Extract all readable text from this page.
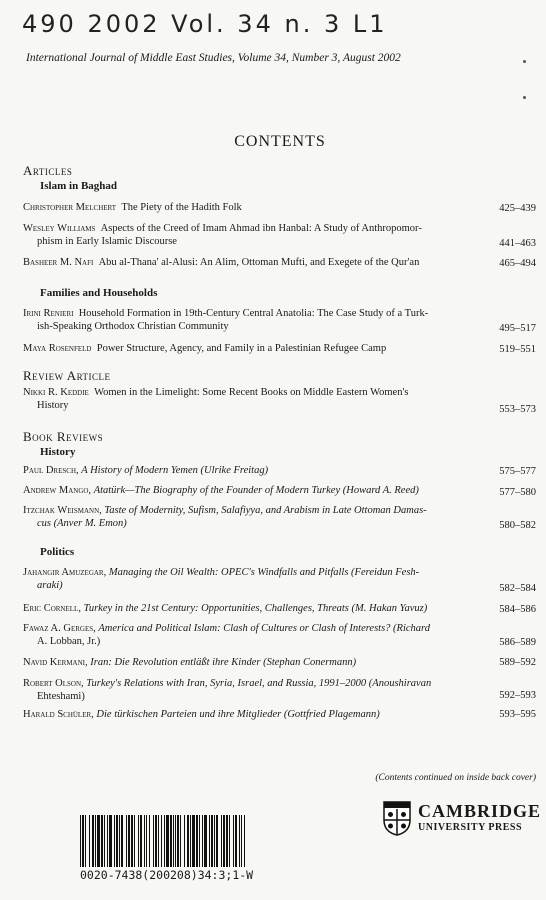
490 2002 Vol. 34 n. 3 L1
International Journal of Middle East Studies, Volume 34, Number 3, August 2002
CONTENTS
Articles
Islam in Baghad
Christopher Melchert The Piety of the Hadith Folk	425–439
Wesley Williams Aspects of the Creed of Imam Ahmad ibn Hanbal: A Study of Anthropomor-
phism in Early Islamic Discourse	441–463
Basheer M. Nafi Abu al-Thana' al-Alusi: An Alim, Ottoman Mufti, and Exegete of the Qur'an	465–494
Families and Households
Irini Renieri Household Formation in 19th-Century Central Anatolia: The Case Study of a Turk-
ish-Speaking Orthodox Christian Community	495–517
Maya Rosenfeld Power Structure, Agency, and Family in a Palestinian Refugee Camp	519–551
Review Article
Nikki R. Keddie Women in the Limelight: Some Recent Books on Middle Eastern Women's
History	553–573
Book Reviews
History
Paul Dresch, A History of Modern Yemen (Ulrike Freitag)	575–577
Andrew Mango, Atatürk—The Biography of the Founder of Modern Turkey (Howard A. Reed)	577–580
Itzchak Weismann, Taste of Modernity, Sufism, Salafiyya, and Arabism in Late Ottoman Damas-
cus (Anver M. Emon)	580–582
Politics
Jahangir Amuzegar, Managing the Oil Wealth: OPEC's Windfalls and Pitfalls (Fereidun Fesh-
araki)	582–584
Eric Cornell, Turkey in the 21st Century: Opportunities, Challenges, Threats (M. Hakan Yavuz)	584–586
Fawaz A. Gerges, America and Political Islam: Clash of Cultures or Clash of Interests? (Richard
A. Lobban, Jr.)	586–589
Navid Kermani, Iran: Die Revolution entläßt ihre Kinder (Stephan Conermann)	589–592
Robert Olson, Turkey's Relations with Iran, Syria, Israel, and Russia, 1991–2000 (Anoushiravan
Ehteshami)	592–593
Harald Schüler, Die türkischen Parteien und ihre Mitglieder (Gottfried Plagemann)	593–595
(Contents continued on inside back cover)
0020-7438(200208)34:3;1-W
CAMBRIDGE
UNIVERSITY PRESS
